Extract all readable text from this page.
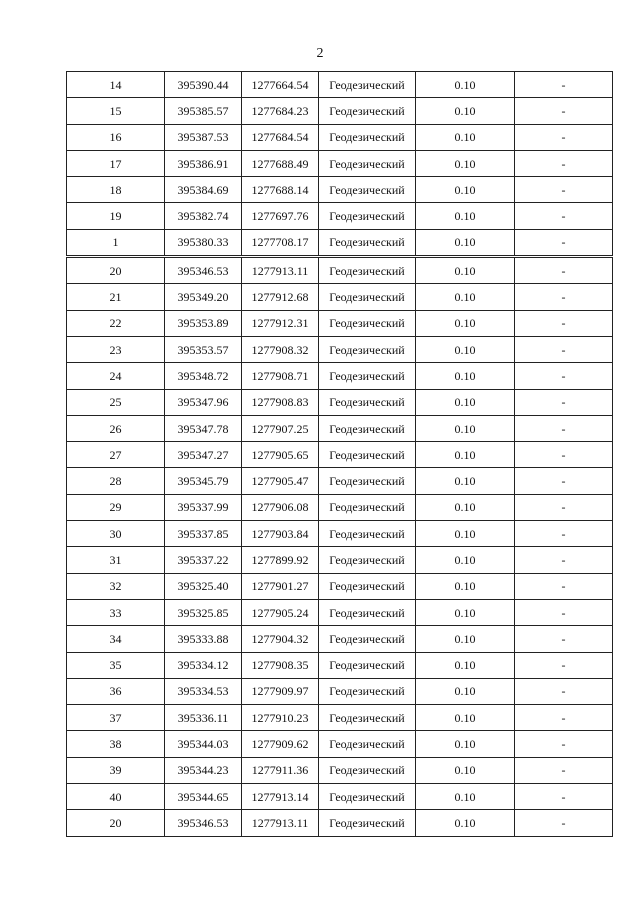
2
14	395390.44	1277664.54	Геодезический	0.10	-
15	395385.57	1277684.23	Геодезический	0.10	-
16	395387.53	1277684.54	Геодезический	0.10	-
17	395386.91	1277688.49	Геодезический	0.10	-
18	395384.69	1277688.14	Геодезический	0.10	-
19	395382.74	1277697.76	Геодезический	0.10	-
1	395380.33	1277708.17	Геодезический	0.10	-
20	395346.53	1277913.11	Геодезический	0.10	-
21	395349.20	1277912.68	Геодезический	0.10	-
22	395353.89	1277912.31	Геодезический	0.10	-
23	395353.57	1277908.32	Геодезический	0.10	-
24	395348.72	1277908.71	Геодезический	0.10	-
25	395347.96	1277908.83	Геодезический	0.10	-
26	395347.78	1277907.25	Геодезический	0.10	-
27	395347.27	1277905.65	Геодезический	0.10	-
28	395345.79	1277905.47	Геодезический	0.10	-
29	395337.99	1277906.08	Геодезический	0.10	-
30	395337.85	1277903.84	Геодезический	0.10	-
31	395337.22	1277899.92	Геодезический	0.10	-
32	395325.40	1277901.27	Геодезический	0.10	-
33	395325.85	1277905.24	Геодезический	0.10	-
34	395333.88	1277904.32	Геодезический	0.10	-
35	395334.12	1277908.35	Геодезический	0.10	-
36	395334.53	1277909.97	Геодезический	0.10	-
37	395336.11	1277910.23	Геодезический	0.10	-
38	395344.03	1277909.62	Геодезический	0.10	-
39	395344.23	1277911.36	Геодезический	0.10	-
40	395344.65	1277913.14	Геодезический	0.10	-
20	395346.53	1277913.11	Геодезический	0.10	-
